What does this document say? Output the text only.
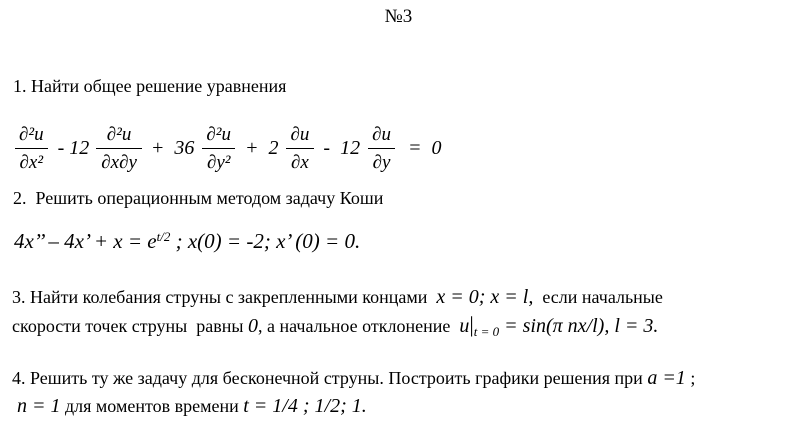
№3
1. Найти общее решение уравнения
$\frac{\text{∂²u}}{\text{∂x²}} - 12 \frac{\text{∂²u}}{\partial x\partial y} + 36 \frac{\text{∂²u}}{\text{∂y²}} + 2 \frac{\partial u}{\partial x} - 12 \frac{\partial u}{\partial y} = 0$
2.  Решить операционным методом задачу Коши
4x’’ – 4x’ + $x = e^{t/2}$ ; x(0) = -2; x’ (0) = 0.
3. Найти колебания струны с закрепленными концами  x = 0; x = l,  если начальные
скорости точек струны  равны 0, а начальное отклонение  $u|_{t = 0} = \sin(\pi$ nx/l), l = 3.
4. Решить ту же задачу для бесконечной струны. Построить графики решения при a =1 ;
n = 1 для моментов времени t = 1/4 ; 1/2; 1.
